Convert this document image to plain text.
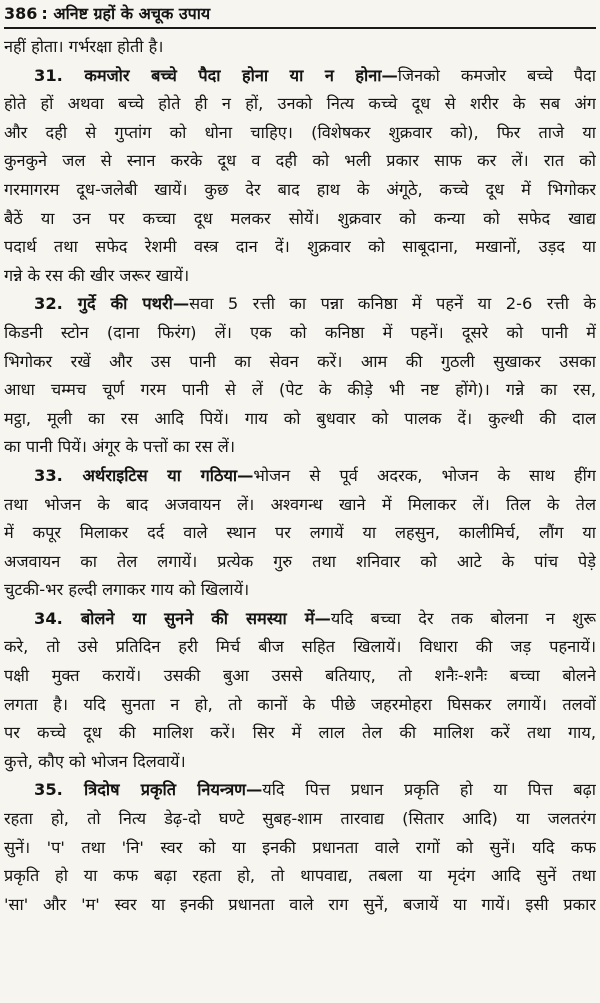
386 : अनिष्ट ग्रहों के अचूक उपाय
नहीं होता। गर्भरक्षा होती है।
31. कमजोर बच्चे पैदा होना या न होना—जिनको कमजोर बच्चे पैदा
होते हों अथवा बच्चे होते ही न हों, उनको नित्य कच्चे दूध से शरीर के सब अंग
और दही से गुप्तांग को धोना चाहिए। (विशेषकर शुक्रवार को), फिर ताजे या
कुनकुने जल से स्नान करके दूध व दही को भली प्रकार साफ कर लें। रात को
गरमागरम दूध-जलेबी खायें। कुछ देर बाद हाथ के अंगूठे, कच्चे दूध में भिगोकर
बैठें या उन पर कच्चा दूध मलकर सोयें। शुक्रवार को कन्या को सफेद खाद्य
पदार्थ तथा सफेद रेशमी वस्त्र दान दें। शुक्रवार को साबूदाना, मखानों, उड़द या
गन्ने के रस की खीर जरूर खायें।
32. गुर्दे की पथरी—सवा 5 रत्ती का पन्ना कनिष्ठा में पहनें या 2-6 रत्ती के
किडनी स्टोन (दाना फिरंग) लें। एक को कनिष्ठा में पहनें। दूसरे को पानी में
भिगोकर रखें और उस पानी का सेवन करें। आम की गुठली सुखाकर उसका
आधा चम्मच चूर्ण गरम पानी से लें (पेट के कीड़े भी नष्ट होंगे)। गन्ने का रस,
मट्ठा, मूली का रस आदि पियें। गाय को बुधवार को पालक दें। कुल्थी की दाल
का पानी पियें। अंगूर के पत्तों का रस लें।
33. अर्थराइटिस या गठिया—भोजन से पूर्व अदरक, भोजन के साथ हींग
तथा भोजन के बाद अजवायन लें। अश्वगन्ध खाने में मिलाकर लें। तिल के तेल
में कपूर मिलाकर दर्द वाले स्थान पर लगायें या लहसुन, कालीमिर्च, लौंग या
अजवायन का तेल लगायें। प्रत्येक गुरु तथा शनिवार को आटे के पांच पेड़े
चुटकी-भर हल्दी लगाकर गाय को खिलायें।
34. बोलने या सुनने की समस्या में—यदि बच्चा देर तक बोलना न शुरू
करे, तो उसे प्रतिदिन हरी मिर्च बीज सहित खिलायें। विधारा की जड़ पहनायें।
पक्षी मुक्त करायें। उसकी बुआ उससे बतियाए, तो शनैः-शनैः बच्चा बोलने
लगता है। यदि सुनता न हो, तो कानों के पीछे जहरमोहरा घिसकर लगायें। तलवों
पर कच्चे दूध की मालिश करें। सिर में लाल तेल की मालिश करें तथा गाय,
कुत्ते, कौए को भोजन दिलवायें।
35. त्रिदोष प्रकृति नियन्त्रण—यदि पित्त प्रधान प्रकृति हो या पित्त बढ़ा
रहता हो, तो नित्य डेढ़-दो घण्टे सुबह-शाम तारवाद्य (सितार आदि) या जलतरंग
सुनें। 'प' तथा 'नि' स्वर को या इनकी प्रधानता वाले रागों को सुनें। यदि कफ
प्रकृति हो या कफ बढ़ा रहता हो, तो थापवाद्य, तबला या मृदंग आदि सुनें तथा
'सा' और 'म' स्वर या इनकी प्रधानता वाले राग सुनें, बजायें या गायें। इसी प्रकार
